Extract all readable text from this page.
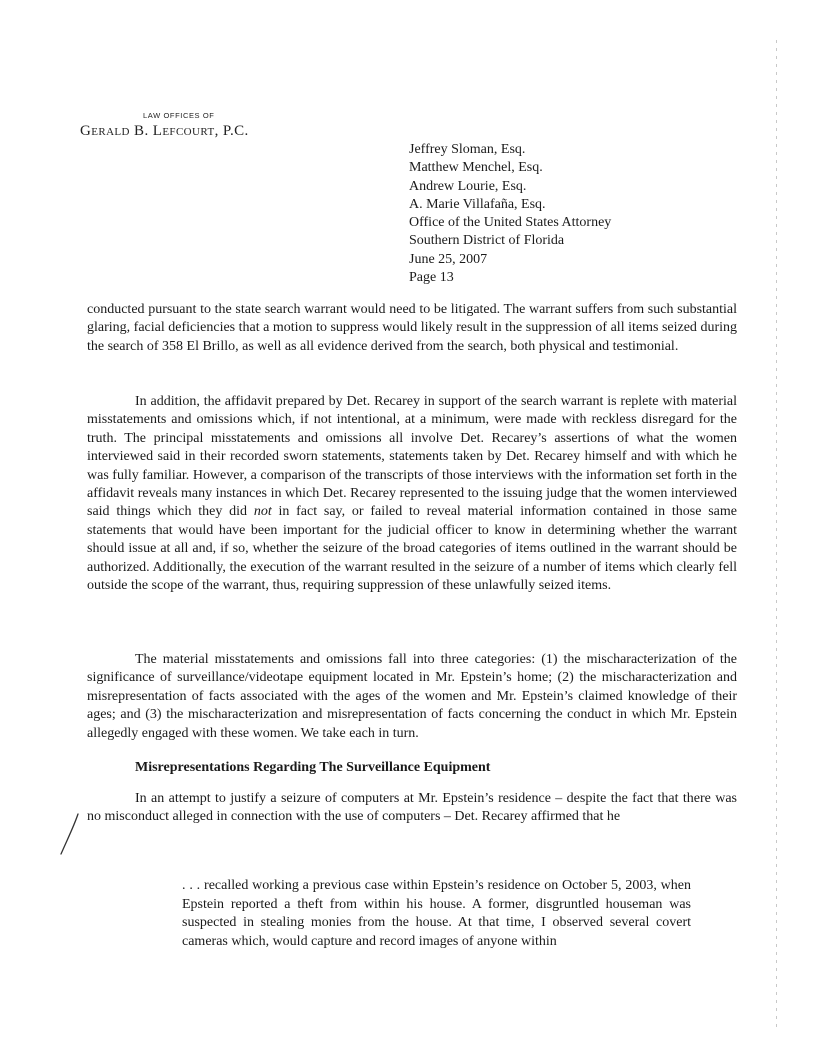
LAW OFFICES OF
Gerald B. Lefcourt, P.C.
Jeffrey Sloman, Esq.
Matthew Menchel, Esq.
Andrew Lourie, Esq.
A. Marie Villafaña, Esq.
Office of the United States Attorney
Southern District of Florida
June 25, 2007
Page 13

conducted pursuant to the state search warrant would need to be litigated. The warrant suffers from such substantial glaring, facial deficiencies that a motion to suppress would likely result in the suppression of all items seized during the search of 358 El Brillo, as well as all evidence derived from the search, both physical and testimonial.

In addition, the affidavit prepared by Det. Recarey in support of the search warrant is replete with material misstatements and omissions which, if not intentional, at a minimum, were made with reckless disregard for the truth. The principal misstatements and omissions all involve Det. Recarey’s assertions of what the women interviewed said in their recorded sworn statements, statements taken by Det. Recarey himself and with which he was fully familiar. However, a comparison of the transcripts of those interviews with the information set forth in the affidavit reveals many instances in which Det. Recarey represented to the issuing judge that the women interviewed said things which they did not in fact say, or failed to reveal material information contained in those same statements that would have been important for the judicial officer to know in determining whether the warrant should issue at all and, if so, whether the seizure of the broad categories of items outlined in the warrant should be authorized. Additionally, the execution of the warrant resulted in the seizure of a number of items which clearly fell outside the scope of the warrant, thus, requiring suppression of these unlawfully seized items.

The material misstatements and omissions fall into three categories: (1) the mischaracterization of the significance of surveillance/videotape equipment located in Mr. Epstein’s home; (2) the mischaracterization and misrepresentation of facts associated with the ages of the women and Mr. Epstein’s claimed knowledge of their ages; and (3) the mischaracterization and misrepresentation of facts concerning the conduct in which Mr. Epstein allegedly engaged with these women. We take each in turn.

Misrepresentations Regarding The Surveillance Equipment

In an attempt to justify a seizure of computers at Mr. Epstein’s residence – despite the fact that there was no misconduct alleged in connection with the use of computers – Det. Recarey affirmed that he

. . . recalled working a previous case within Epstein’s residence on October 5, 2003, when Epstein reported a theft from within his house. A former, disgruntled houseman was suspected in stealing monies from the house. At that time, I observed several covert cameras which, would capture and record images of anyone within
